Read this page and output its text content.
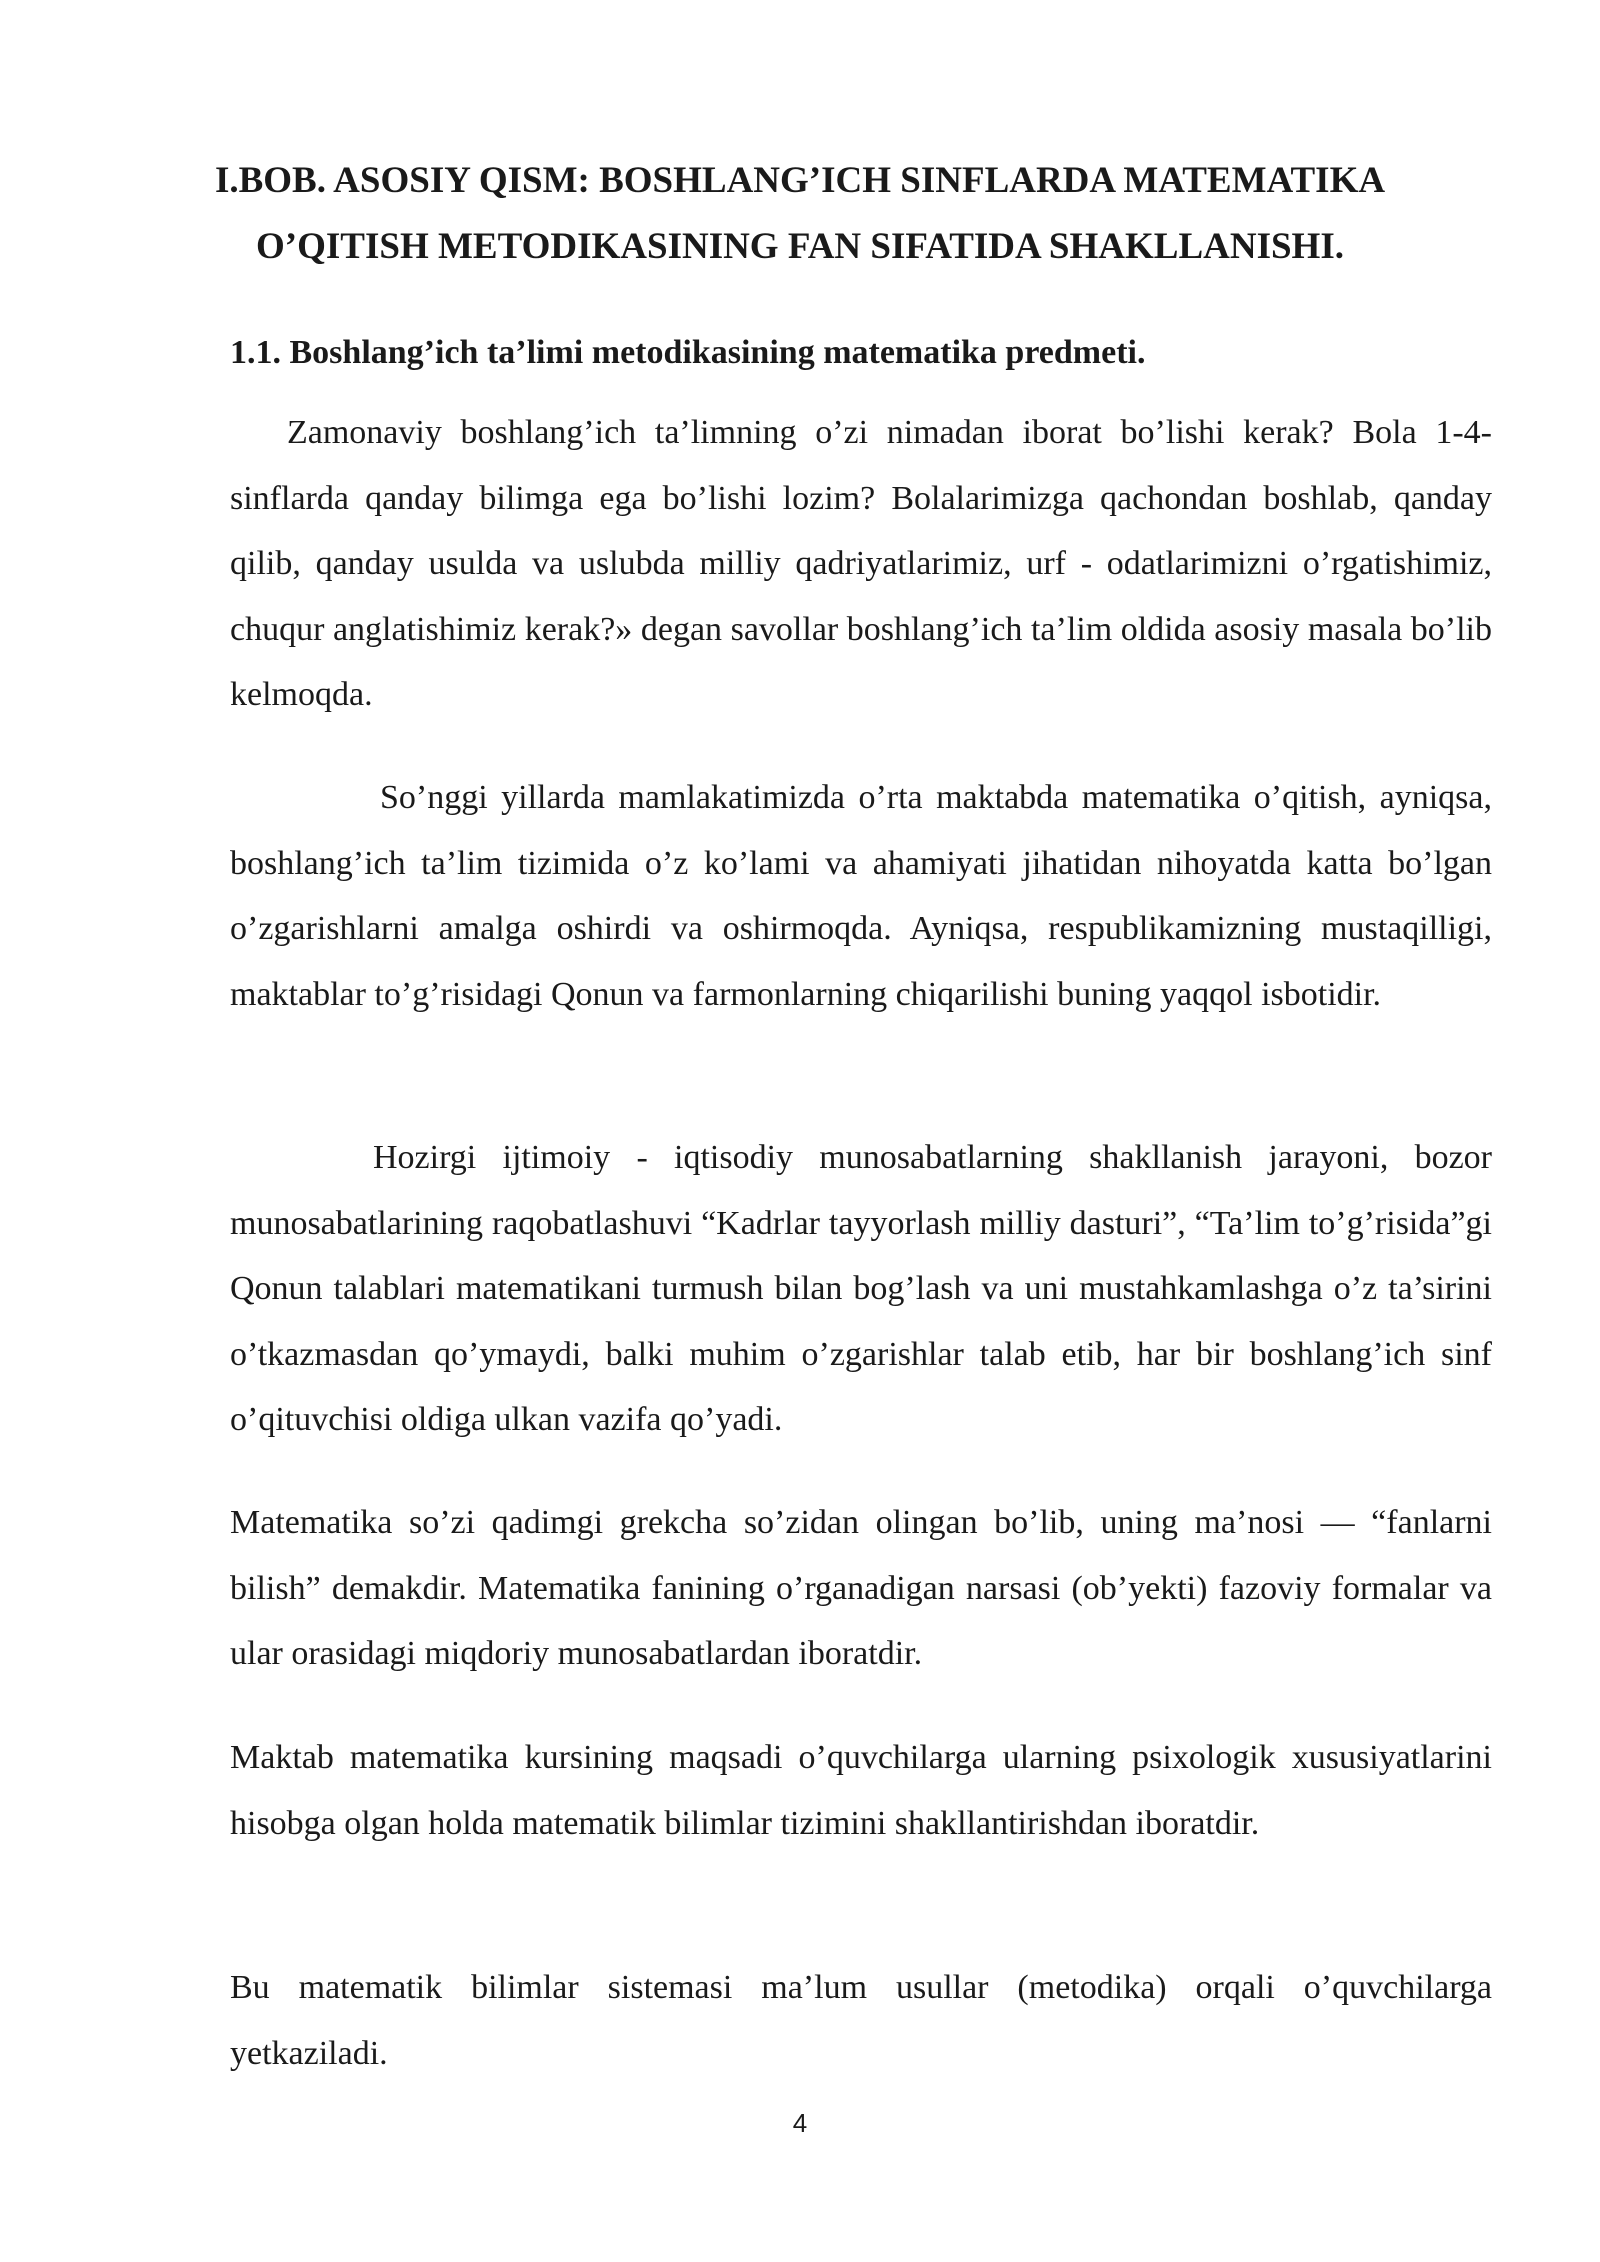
I.BOB. ASOSIY QISM: BOSHLANG’ICH SINFLARDA MATEMATIKA O’QITISH METODIKASINING FAN SIFATIDA SHAKLLANISHI.
1.1. Boshlang’ich ta’limi metodikasining matematika predmeti.

Zamonaviy boshlang’ich ta’limning o’zi nimadan iborat bo’lishi kerak? Bola 1-4-sinflarda qanday bilimga ega bo’lishi lozim? Bolalarimizga qachondan boshlab, qanday qilib, qanday usulda va uslubda milliy qadriyatlarimiz, urf - odatlarimizni o’rgatishimiz, chuqur anglatishimiz kerak?» degan savollar boshlang’ich ta’lim oldida asosiy masala bo’lib kelmoqda.

So’nggi yillarda mamlakatimizda o’rta maktabda matematika o’qitish, ayniqsa, boshlang’ich ta’lim tizimida o’z ko’lami va ahamiyati jihatidan nihoyatda katta bo’lgan o’zgarishlarni amalga oshirdi va oshirmoqda. Ayniqsa, respublikamizning mustaqilligi, maktablar to’g’risidagi Qonun va farmonlarning chiqarilishi buning yaqqol isbotidir.

Hozirgi ijtimoiy - iqtisodiy munosabatlarning shakllanish jarayoni, bozor munosabatlarining raqobatlashuvi “Kadrlar tayyorlash milliy dasturi”, “Ta’lim to’g’risida”gi Qonun talablari matematikani turmush bilan bog’lash va uni mustahkamlashga o’z ta’sirini o’tkazmasdan qo’ymaydi, balki muhim o’zgarishlar talab etib, har bir boshlang’ich sinf o’qituvchisi oldiga ulkan vazifa qo’yadi.

Matematika so’zi qadimgi grekcha so’zidan olingan bo’lib, uning ma’nosi — “fanlarni bilish” demakdir. Matematika fanining o’rganadigan narsasi (ob’yekti) fazoviy formalar va ular orasidagi miqdoriy munosabatlardan iboratdir.

Maktab matematika kursining maqsadi o’quvchilarga ularning psixologik xususiyatlarini hisobga olgan holda matematik bilimlar tizimini shakllantirishdan iboratdir.

Bu matematik bilimlar sistemasi ma’lum usullar (metodika) orqali o’quvchilarga yetkaziladi.

4
